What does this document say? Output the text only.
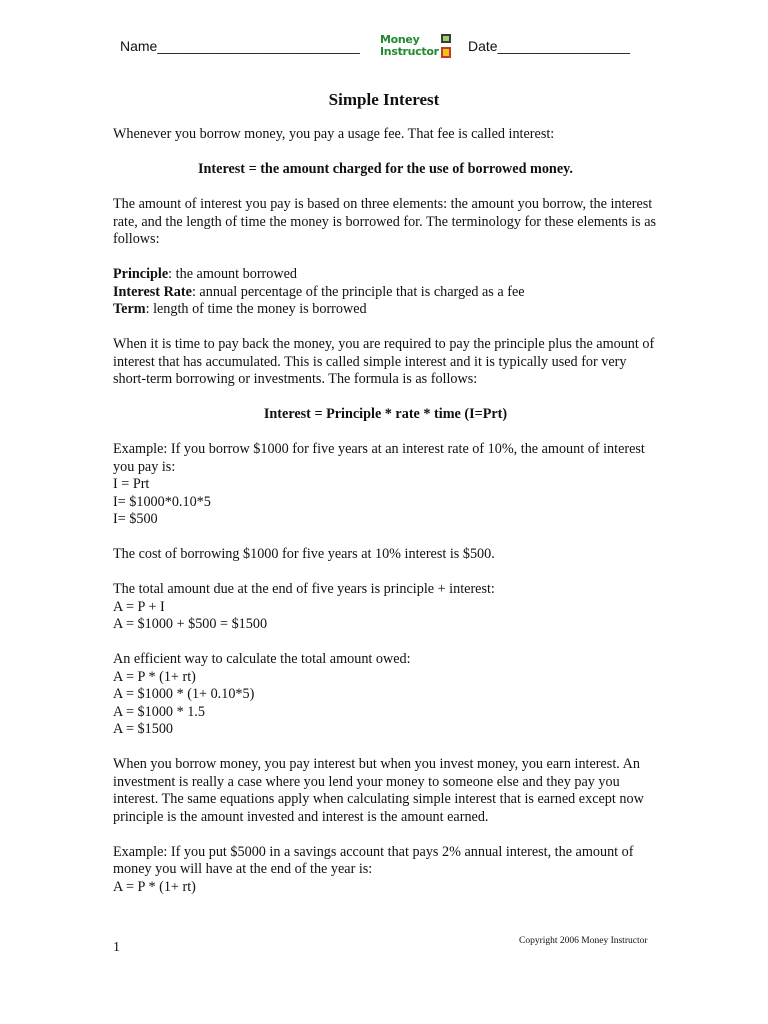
Name__________________________ Money
Instructor Date_________________
Simple Interest

Whenever you borrow money, you pay a usage fee. That fee is called interest:

Interest = the amount charged for the use of borrowed money.

The amount of interest you pay is based on three elements: the amount you borrow, the interest rate, and the length of time the money is borrowed for. The terminology for these elements is as follows:

Principle: the amount borrowed
Interest Rate: annual percentage of the principle that is charged as a fee
Term: length of time the money is borrowed

When it is time to pay back the money, you are required to pay the principle plus the amount of interest that has accumulated. This is called simple interest and it is typically used for very short-term borrowing or investments. The formula is as follows:

Interest = Principle * rate * time (I=Prt)

Example: If you borrow $1000 for five years at an interest rate of 10%, the amount of interest you pay is:
I = Prt
I= $1000*0.10*5
I= $500

The cost of borrowing $1000 for five years at 10% interest is $500.

The total amount due at the end of five years is principle + interest:
A = P + I
A = $1000 + $500 = $1500

An efficient way to calculate the total amount owed:
A = P * (1+ rt)
A = $1000 * (1+ 0.10*5)
A = $1000 * 1.5
A = $1500

When you borrow money, you pay interest but when you invest money, you earn interest. An investment is really a case where you lend your money to someone else and they pay you interest. The same equations apply when calculating simple interest that is earned except now principle is the amount invested and interest is the amount earned.

Example: If you put $5000 in a savings account that pays 2% annual interest, the amount of money you will have at the end of the year is:
A = P * (1+ rt)

1	Copyright 2006 Money Instructor
